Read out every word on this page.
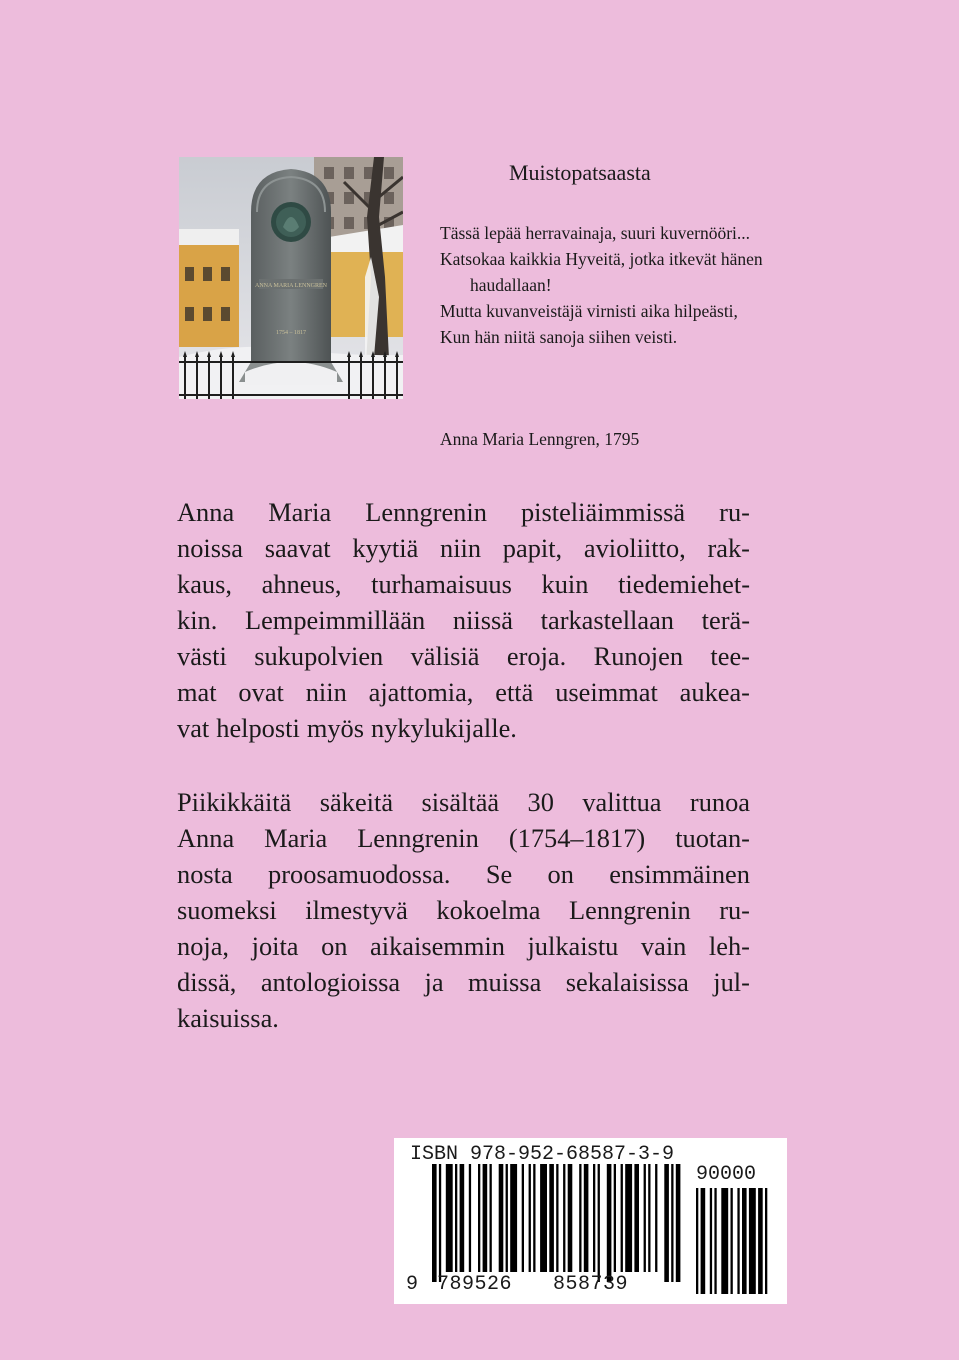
ANNA MARIA LENNGREN
1754 – 1817
Muistopatsaasta
Tässä lepää herravainaja, suuri kuvernööri...
Katsokaa kaikkia Hyveitä, jotka itkevät hänen haudallaan!
Mutta kuvanveistäjä virnisti aika hilpeästi,
Kun hän niitä sanoja siihen veisti.
Anna Maria Lenngren, 1795
Anna Maria Lenngrenin pisteliäimmissä ru-
noissa saavat kyytiä niin papit, avioliitto, rak-
kaus, ahneus, turhamaisuus kuin tiedemiehet-
kin. Lempeimmillään niissä tarkastellaan terä-
västi sukupolvien välisiä eroja. Runojen tee-
mat ovat niin ajattomia, että useimmat aukea-
vat helposti myös nykylukijalle.
Piikikkäitä säkeitä sisältää 30 valittua runoa
Anna Maria Lenngrenin (1754–1817) tuotan-
nosta proosamuodossa. Se on ensimmäinen
suomeksi ilmestyvä kokoelma Lenngrenin ru-
noja, joita on aikaisemmin julkaistu vain leh-
dissä, antologioissa ja muissa sekalaisissa jul-
kaisuissa.
ISBN 978-952-68587-3-9
90000
9 789526 858739
